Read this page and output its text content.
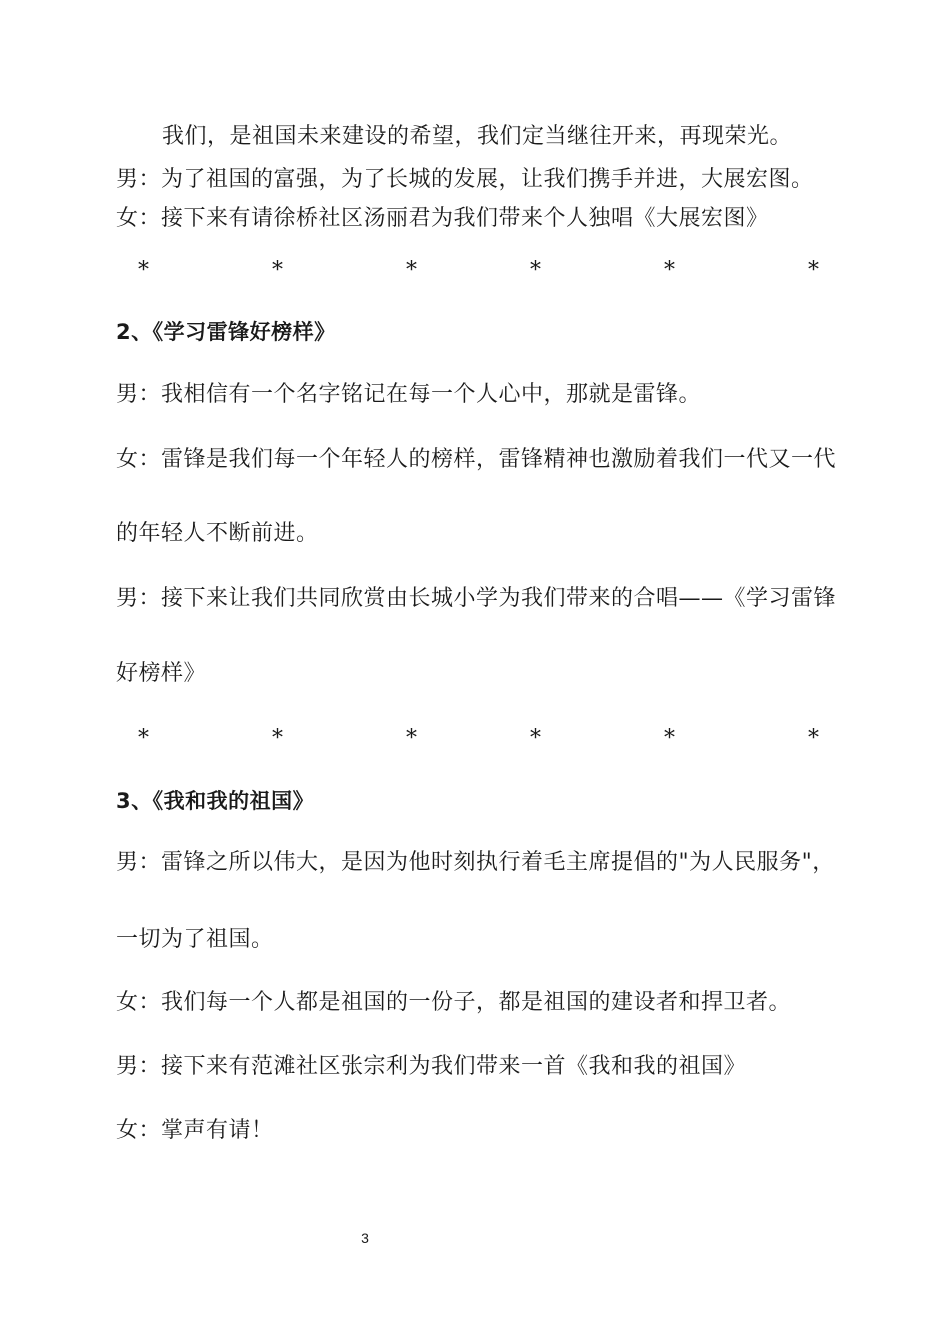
我们，是祖国未来建设的希望，我们定当继往开来，再现荣光。
男：为了祖国的富强，为了长城的发展，让我们携手并进，大展宏图。
女：接下来有请徐桥社区汤丽君为我们带来个人独唱《大展宏图》
*	*	*	*	*	*
2、《学习雷锋好榜样》
男：我相信有一个名字铭记在每一个人心中，那就是雷锋。
女：雷锋是我们每一个年轻人的榜样，雷锋精神也激励着我们一代又一代
的年轻人不断前进。
男：接下来让我们共同欣赏由长城小学为我们带来的合唱——《学习雷锋
好榜样》
*	*	*	*	*	*
3、《我和我的祖国》
男：雷锋之所以伟大，是因为他时刻执行着毛主席提倡的"为人民服务"，
一切为了祖国。
女：我们每一个人都是祖国的一份子，都是祖国的建设者和捍卫者。
男：接下来有范滩社区张宗利为我们带来一首《我和我的祖国》
女：掌声有请！
3
